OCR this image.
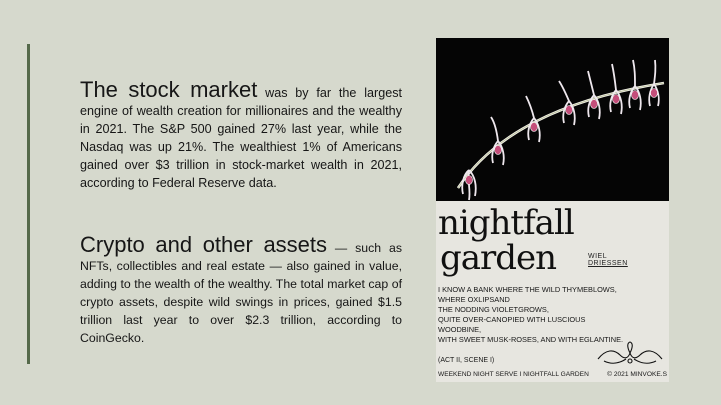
The stock market was by far the largest engine of wealth creation for millionaires and the wealthy in 2021. The S&P 500 gained 27% last year, while the Nasdaq was up 21%. The wealthiest 1% of Americans gained over $3 trillion in stock-market wealth in 2021, according to Federal Reserve data.
Crypto and other assets — such as NFTs, collectibles and real estate — also gained in value, adding to the wealth of the wealthy. The total market cap of crypto assets, despite wild swings in prices, gained $1.5 trillion last year to over $2.3 trillion, according to CoinGecko.
nightfall
garden	WIEL
DRIESSEN
I KNOW A BANK WHERE THE WILD THYMEBLOWS,
WHERE OXLIPSAND
THE NODDING VIOLETGROWS,
QUITE OVER-CANOPIED WITH LUSCIOUS
WOODBINE,
WITH SWEET MUSK-ROSES, AND WITH EGLANTINE.
(ACT II, SCENE I)
WEEKEND NIGHT SERVE I NIGHTFALL GARDEN	© 2021 MINVOKE.S
